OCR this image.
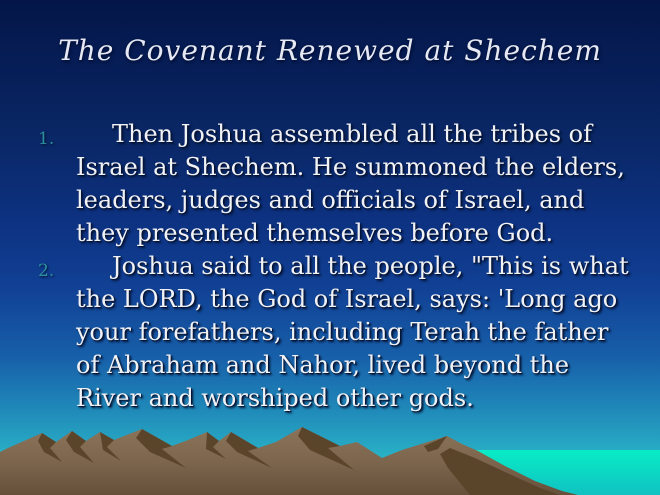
The Covenant Renewed at Shechem
1.	Then Joshua assembled all the tribes of Israel at Shechem. He summoned the elders, leaders, judges and officials of Israel, and they presented themselves before God.
2.	Joshua said to all the people, "This is what the LORD, the God of Israel, says: 'Long ago your forefathers, including Terah the father of Abraham and Nahor, lived beyond the River and worshiped other gods.
